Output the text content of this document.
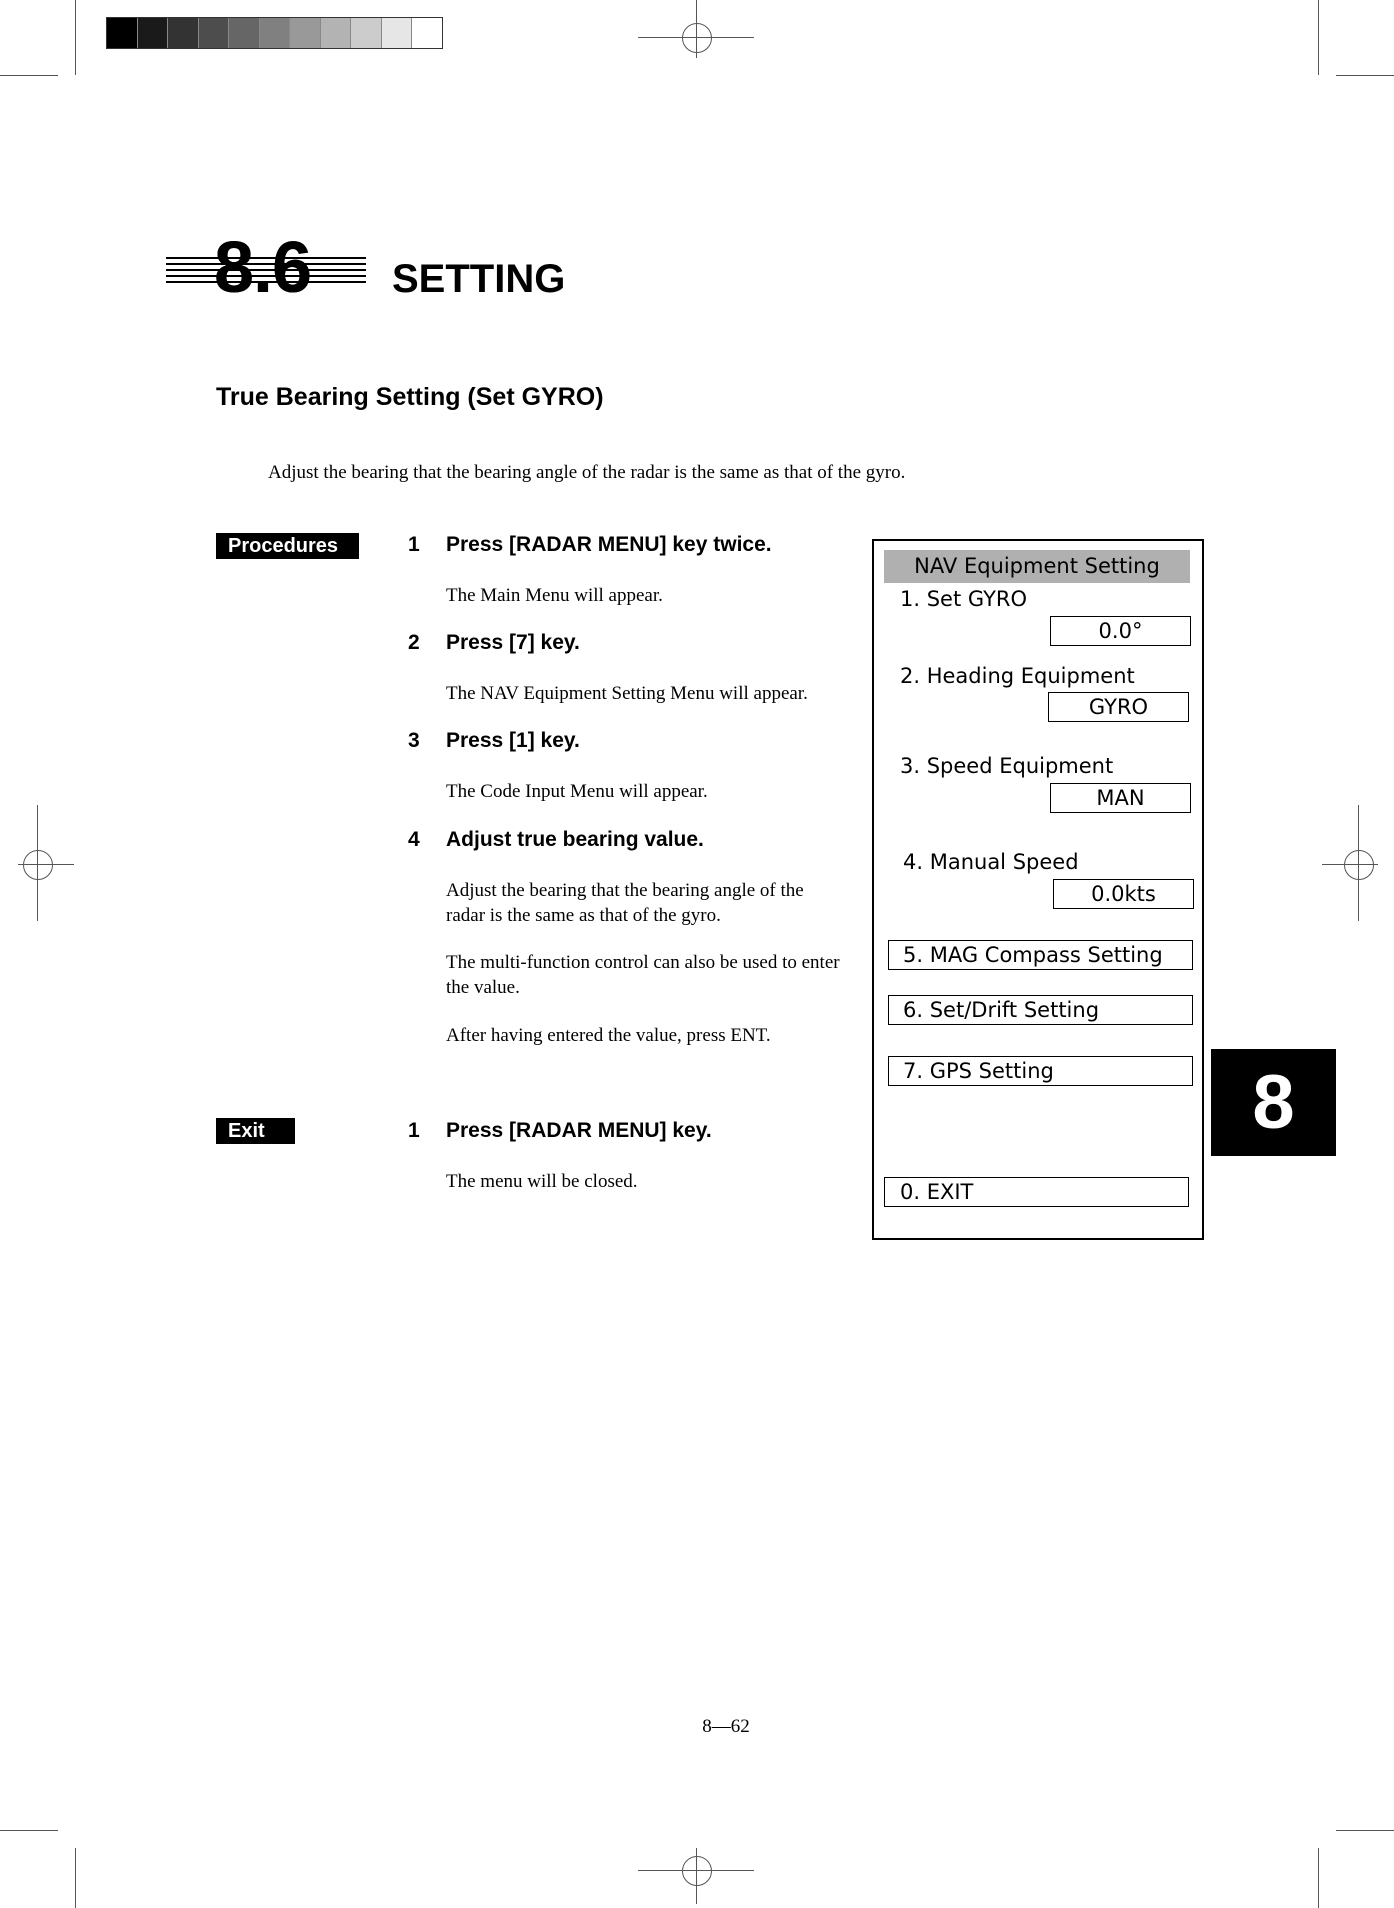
8.6 SETTING
True Bearing Setting (Set GYRO)
Adjust the bearing that the bearing angle of the radar is the same as that of the gyro.
Procedures	1 Press [RADAR MENU] key twice.
The Main Menu will appear.
2 Press [7] key.
The NAV Equipment Setting Menu will appear.
3 Press [1] key.
The Code Input Menu will appear.
4 Adjust true bearing value.
Adjust the bearing that the bearing angle of the radar is the same as that of the gyro.
The multi-function control can also be used to enter the value.
After having entered the value, press ENT.
Exit	1 Press [RADAR MENU] key.
The menu will be closed.
NAV Equipment Setting
1. Set GYRO
0.0°
2. Heading Equipment
GYRO
3. Speed Equipment
MAN
4. Manual Speed
0.0kts
5. MAG Compass Setting
6. Set/Drift Setting
7. GPS Setting
0. EXIT
8
8—62
